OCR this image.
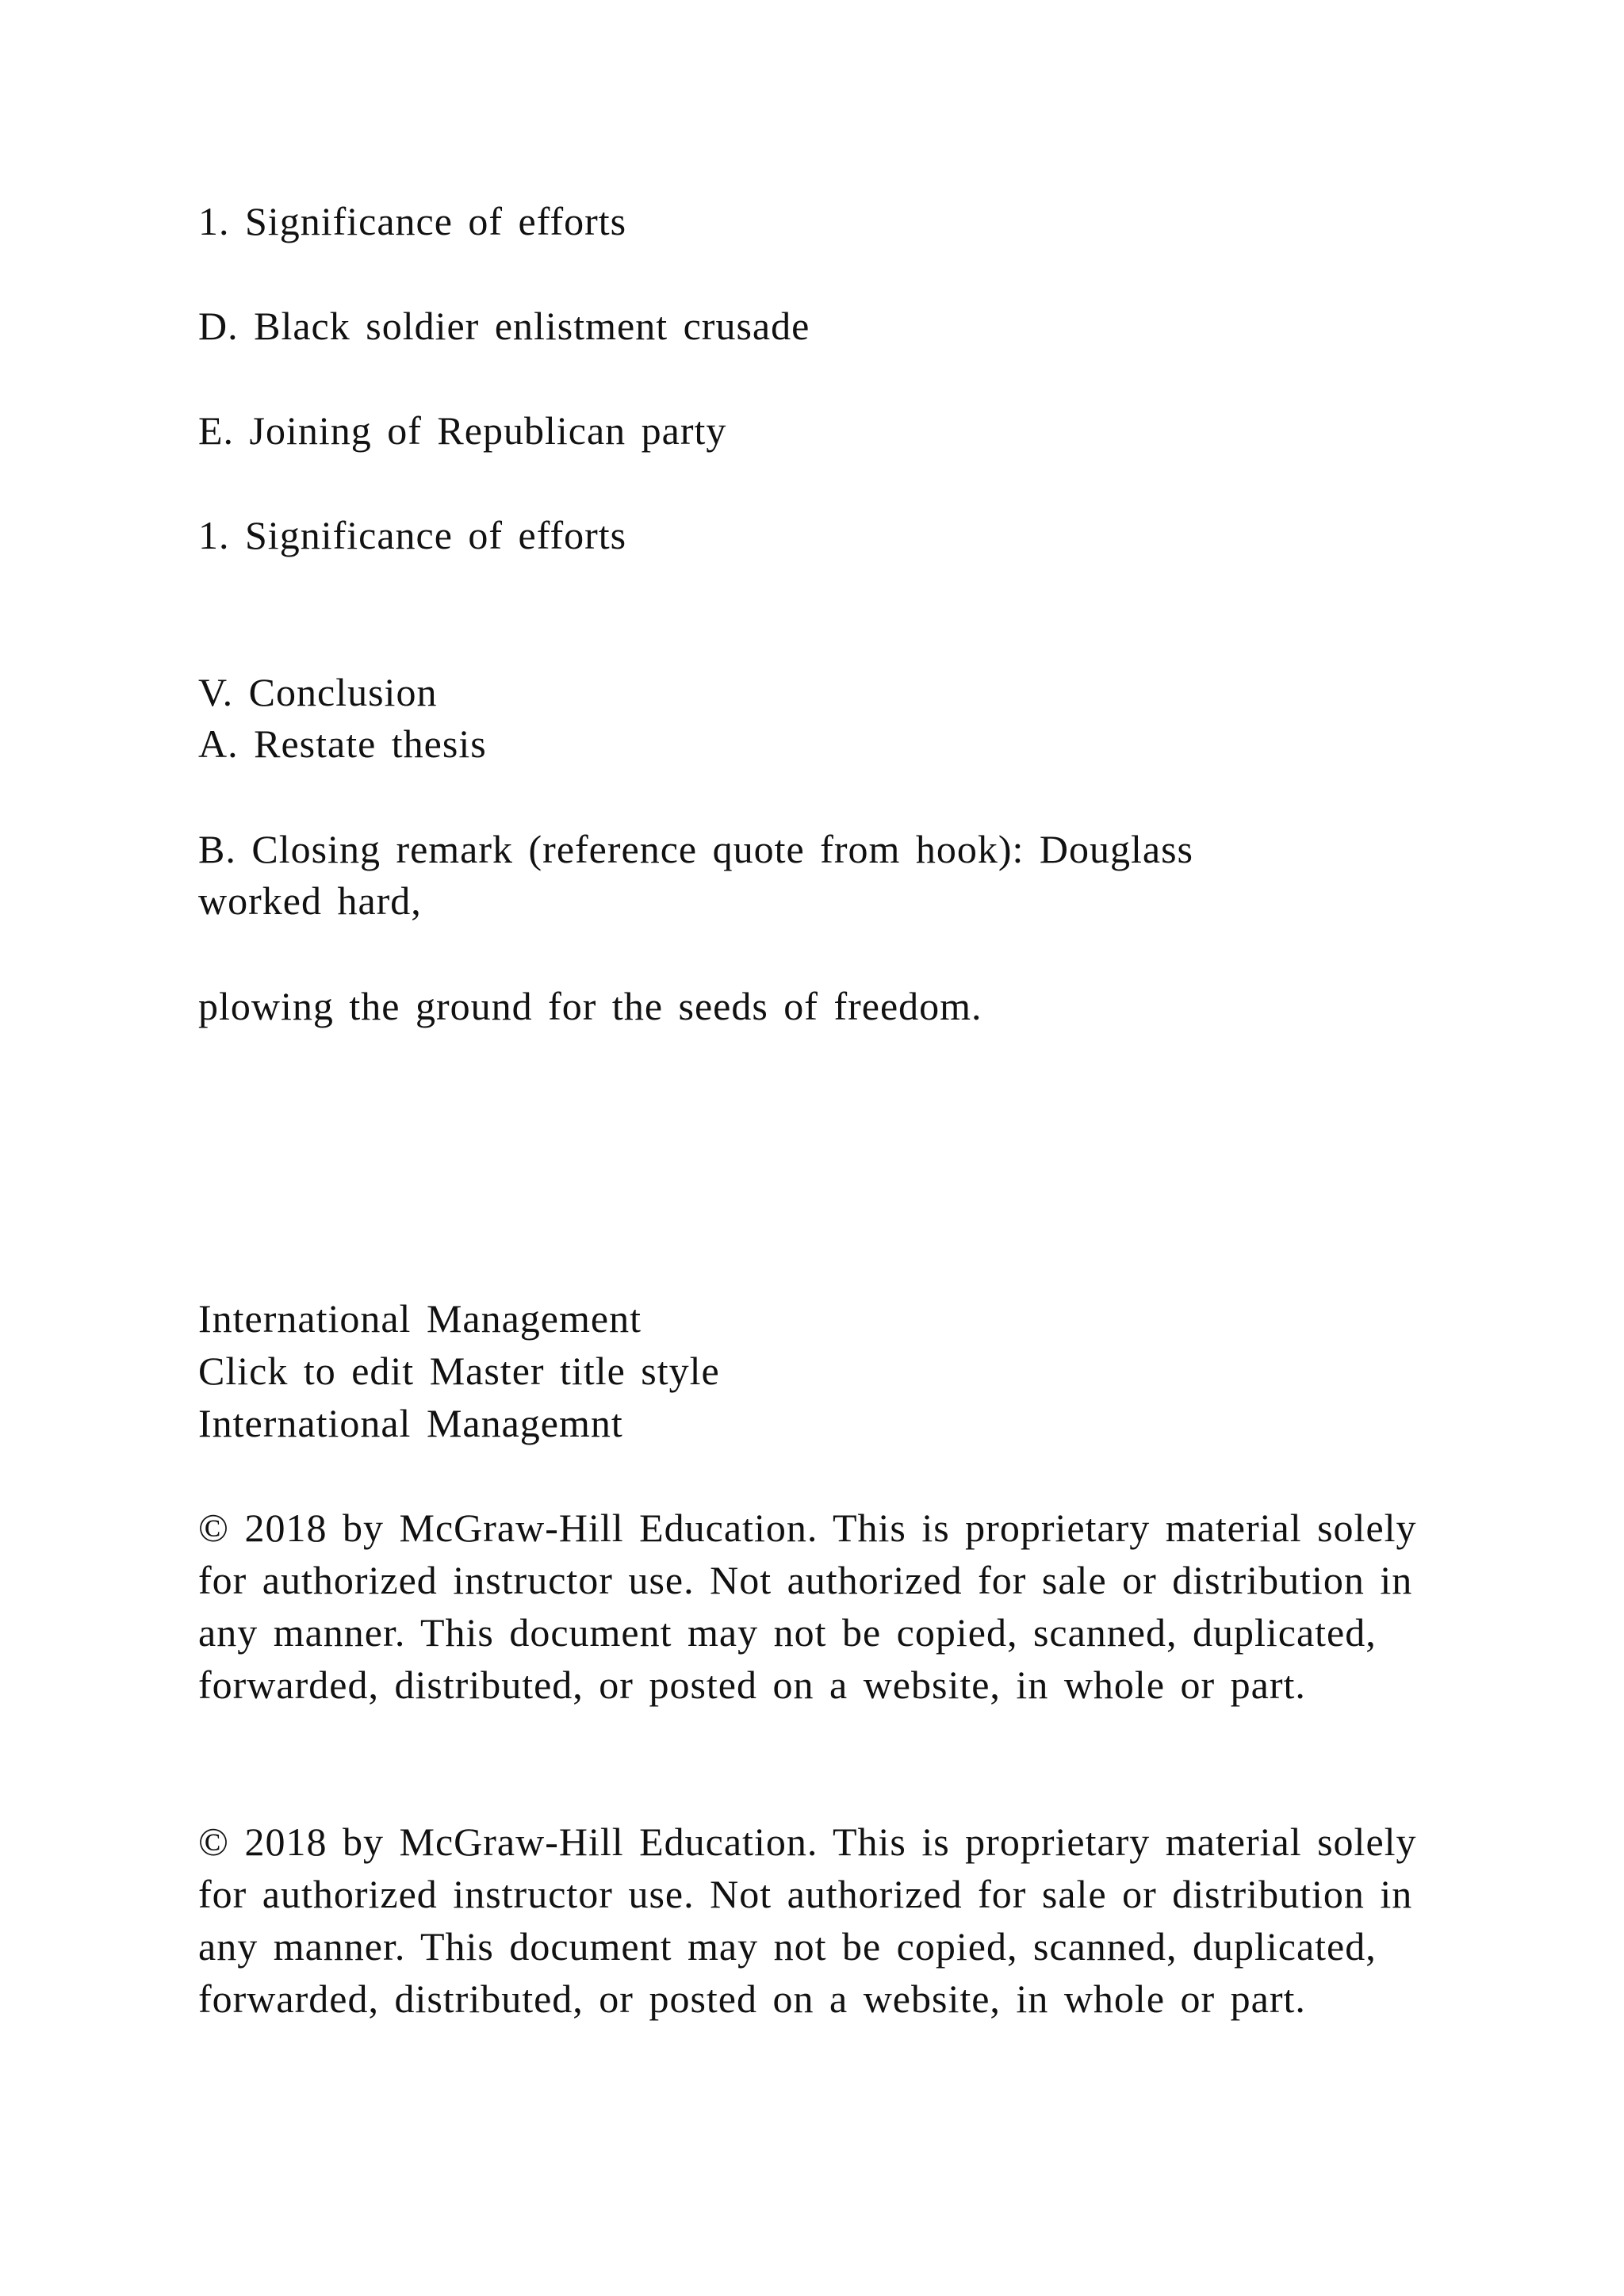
1. Significance of efforts

D. Black soldier enlistment crusade

E. Joining of Republican party

1. Significance of efforts

V. Conclusion

A. Restate thesis

B. Closing remark (reference quote from hook): Douglass

worked hard,

plowing the ground for the seeds of freedom.

International Management

Click to edit Master title style

International Managemnt

© 2018 by McGraw-Hill Education. This is proprietary material solely for authorized instructor use. Not authorized for sale or distribution in any manner. This document may not be copied, scanned, duplicated, forwarded, distributed, or posted on a website, in whole or part.

© 2018 by McGraw-Hill Education. This is proprietary material solely for authorized instructor use. Not authorized for sale or distribution in any manner. This document may not be copied, scanned, duplicated, forwarded, distributed, or posted on a website, in whole or part.
